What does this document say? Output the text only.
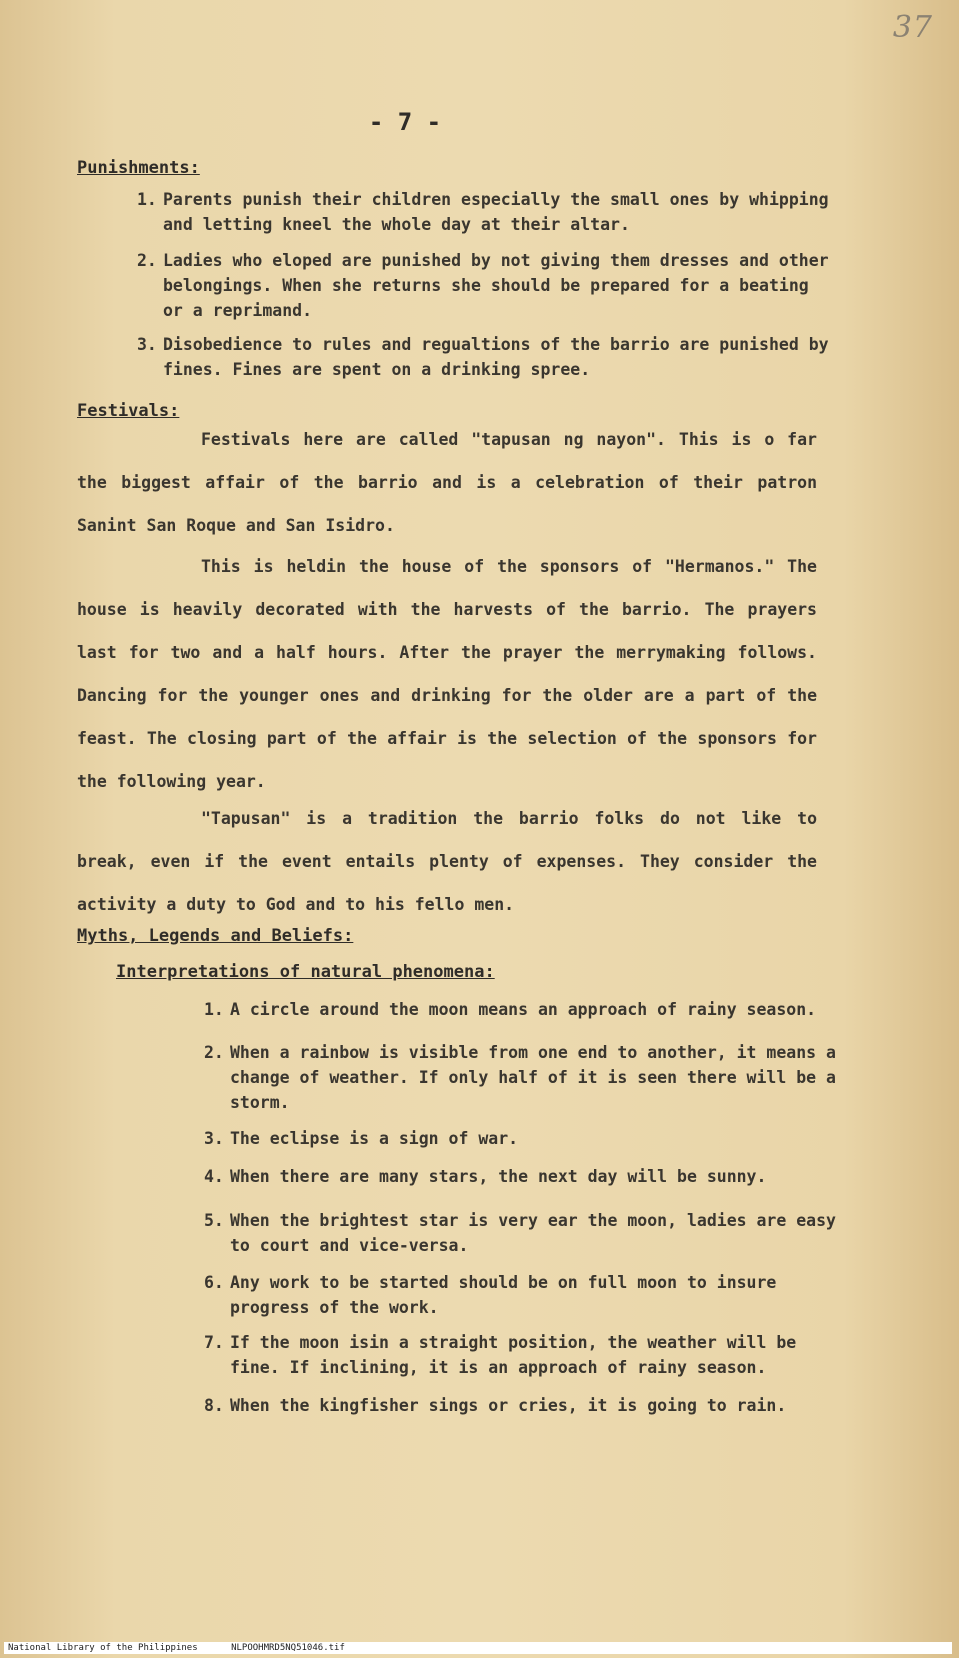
37
- 7 -
Punishments:
1. Parents punish their children especially the small ones by whipping and letting kneel the whole day at their altar.
2. Ladies who eloped are punished by not giving them dresses and other belongings. When she returns she should be prepared for a beating or a reprimand.
3. Disobedience to rules and regualtions of the barrio are punished by fines. Fines are spent on a drinking spree.
Festivals:
Festivals here are called "tapusan ng nayon". This is o far the biggest affair of the barrio and is a celebration of their patron Sanint San Roque and San Isidro.
This is heldin the house of the sponsors of "Hermanos." The house is heavily decorated with the harvests of the barrio. The prayers last for two and a half hours. After the prayer the merrymaking follows. Dancing for the younger ones and drinking for the older are a part of the feast. The closing part of the affair is the selection of the sponsors for the following year.
"Tapusan" is a tradition the barrio folks do not like to break, even if the event entails plenty of expenses. They consider the activity a duty to God and to his fello men.
Myths, Legends and Beliefs:
Interpretations of natural phenomena:
1. A circle around the moon means an approach of rainy season.
2. When a rainbow is visible from one end to another, it means a change of weather. If only half of it is seen there will be a storm.
3. The eclipse is a sign of war.
4. When there are many stars, the next day will be sunny.
5. When the brightest star is very ear the moon, ladies are easy to court and vice-versa.
6. Any work to be started should be on full moon to insure progress of the work.
7. If the moon isin a straight position, the weather will be fine. If inclining, it is an approach of rainy season.
8. When the kingfisher sings or cries, it is going to rain.
National Library of the Philippines	NLPOOHMRD5NQ51046.tif
